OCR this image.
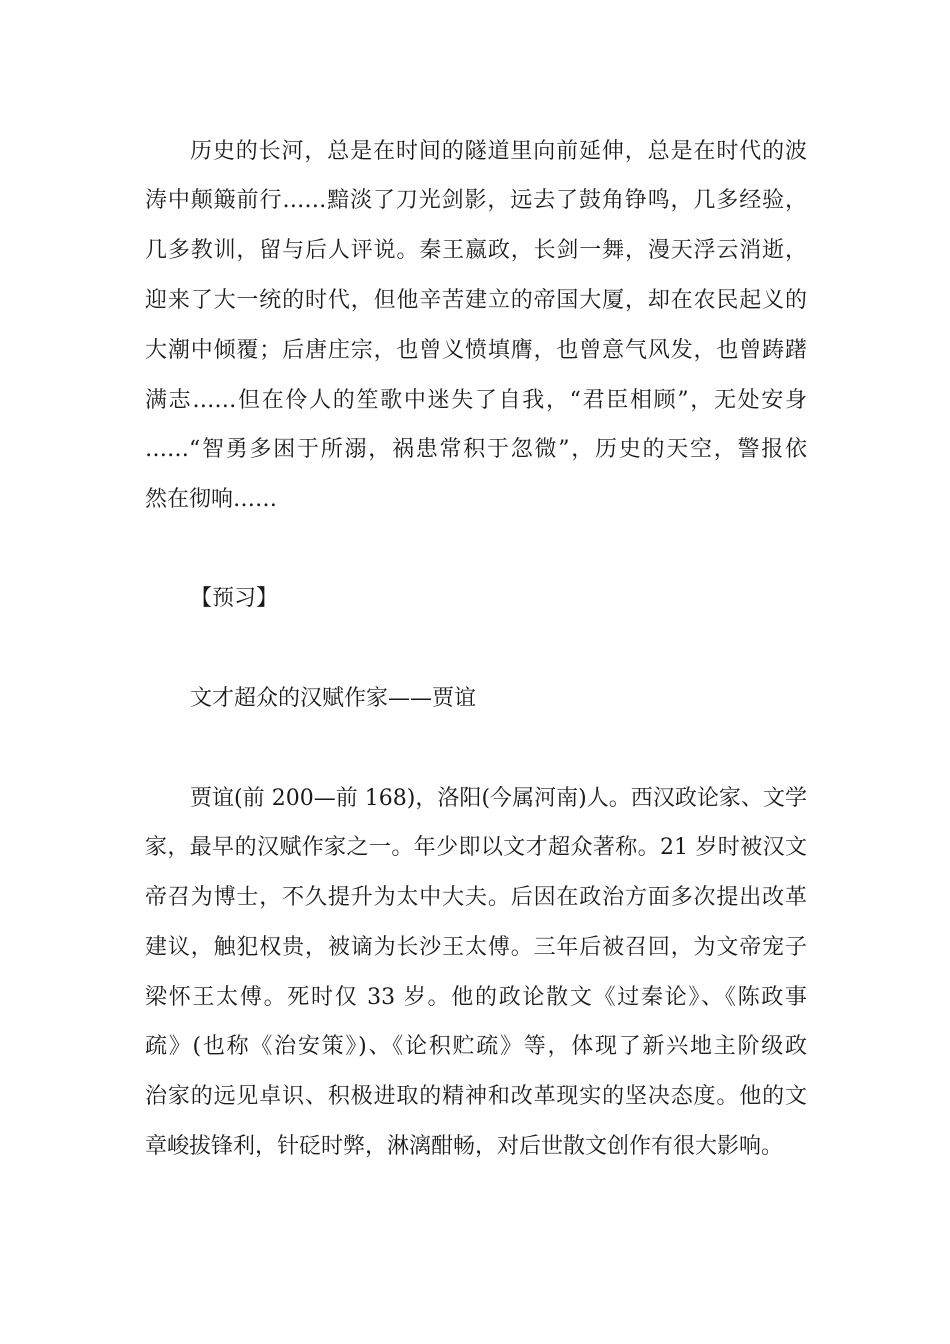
历史的长河，总是在时间的隧道里向前延伸，总是在时代的波
涛中颠簸前行……黯淡了刀光剑影，远去了鼓角铮鸣，几多经验，
几多教训，留与后人评说。秦王嬴政，长剑一舞，漫天浮云消逝，
迎来了大一统的时代，但他辛苦建立的帝国大厦，却在农民起义的
大潮中倾覆；后唐庄宗，也曾义愤填膺，也曾意气风发，也曾踌躇
满志……但在伶人的笙歌中迷失了自我，“君臣相顾”，无处安身
……“智勇多困于所溺，祸患常积于忽微”，历史的天空，警报依
然在彻响……
【预习】
文才超众的汉赋作家——贾谊
贾谊(前 200—前 168)，洛阳(今属河南)人。西汉政论家、文学
家，最早的汉赋作家之一。年少即以文才超众著称。21 岁时被汉文
帝召为博士，不久提升为太中大夫。后因在政治方面多次提出改革
建议，触犯权贵，被谪为长沙王太傅。三年后被召回，为文帝宠子
梁怀王太傅。死时仅 33 岁。他的政论散文《过秦论》、《陈政事
疏》(也称《治安策》)、《论积贮疏》等，体现了新兴地主阶级政
治家的远见卓识、积极进取的精神和改革现实的坚决态度。他的文
章峻拔锋利，针砭时弊，淋漓酣畅，对后世散文创作有很大影响。
